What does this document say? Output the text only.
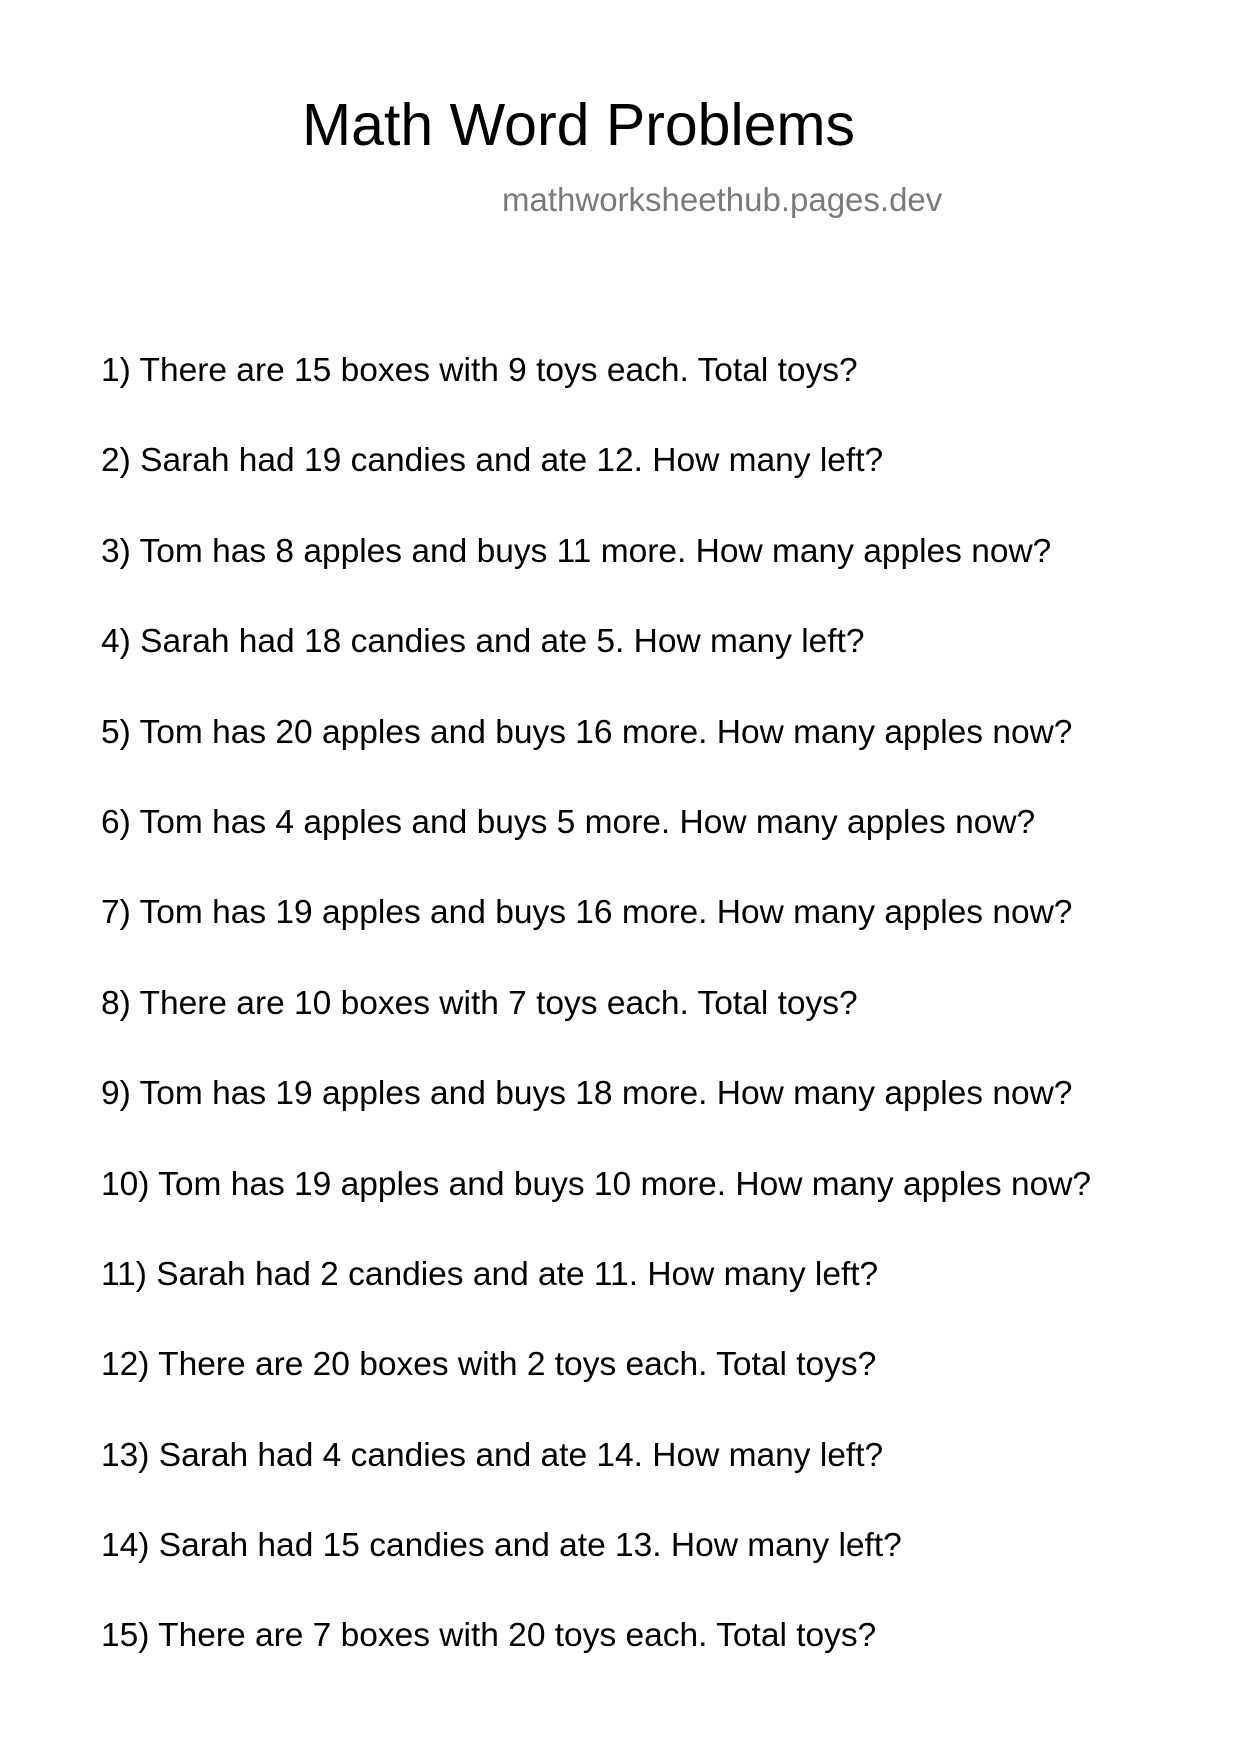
Math Word Problems
mathworksheethub.pages.dev
1) There are 15 boxes with 9 toys each. Total toys?
2) Sarah had 19 candies and ate 12. How many left?
3) Tom has 8 apples and buys 11 more. How many apples now?
4) Sarah had 18 candies and ate 5. How many left?
5) Tom has 20 apples and buys 16 more. How many apples now?
6) Tom has 4 apples and buys 5 more. How many apples now?
7) Tom has 19 apples and buys 16 more. How many apples now?
8) There are 10 boxes with 7 toys each. Total toys?
9) Tom has 19 apples and buys 18 more. How many apples now?
10) Tom has 19 apples and buys 10 more. How many apples now?
11) Sarah had 2 candies and ate 11. How many left?
12) There are 20 boxes with 2 toys each. Total toys?
13) Sarah had 4 candies and ate 14. How many left?
14) Sarah had 15 candies and ate 13. How many left?
15) There are 7 boxes with 20 toys each. Total toys?
